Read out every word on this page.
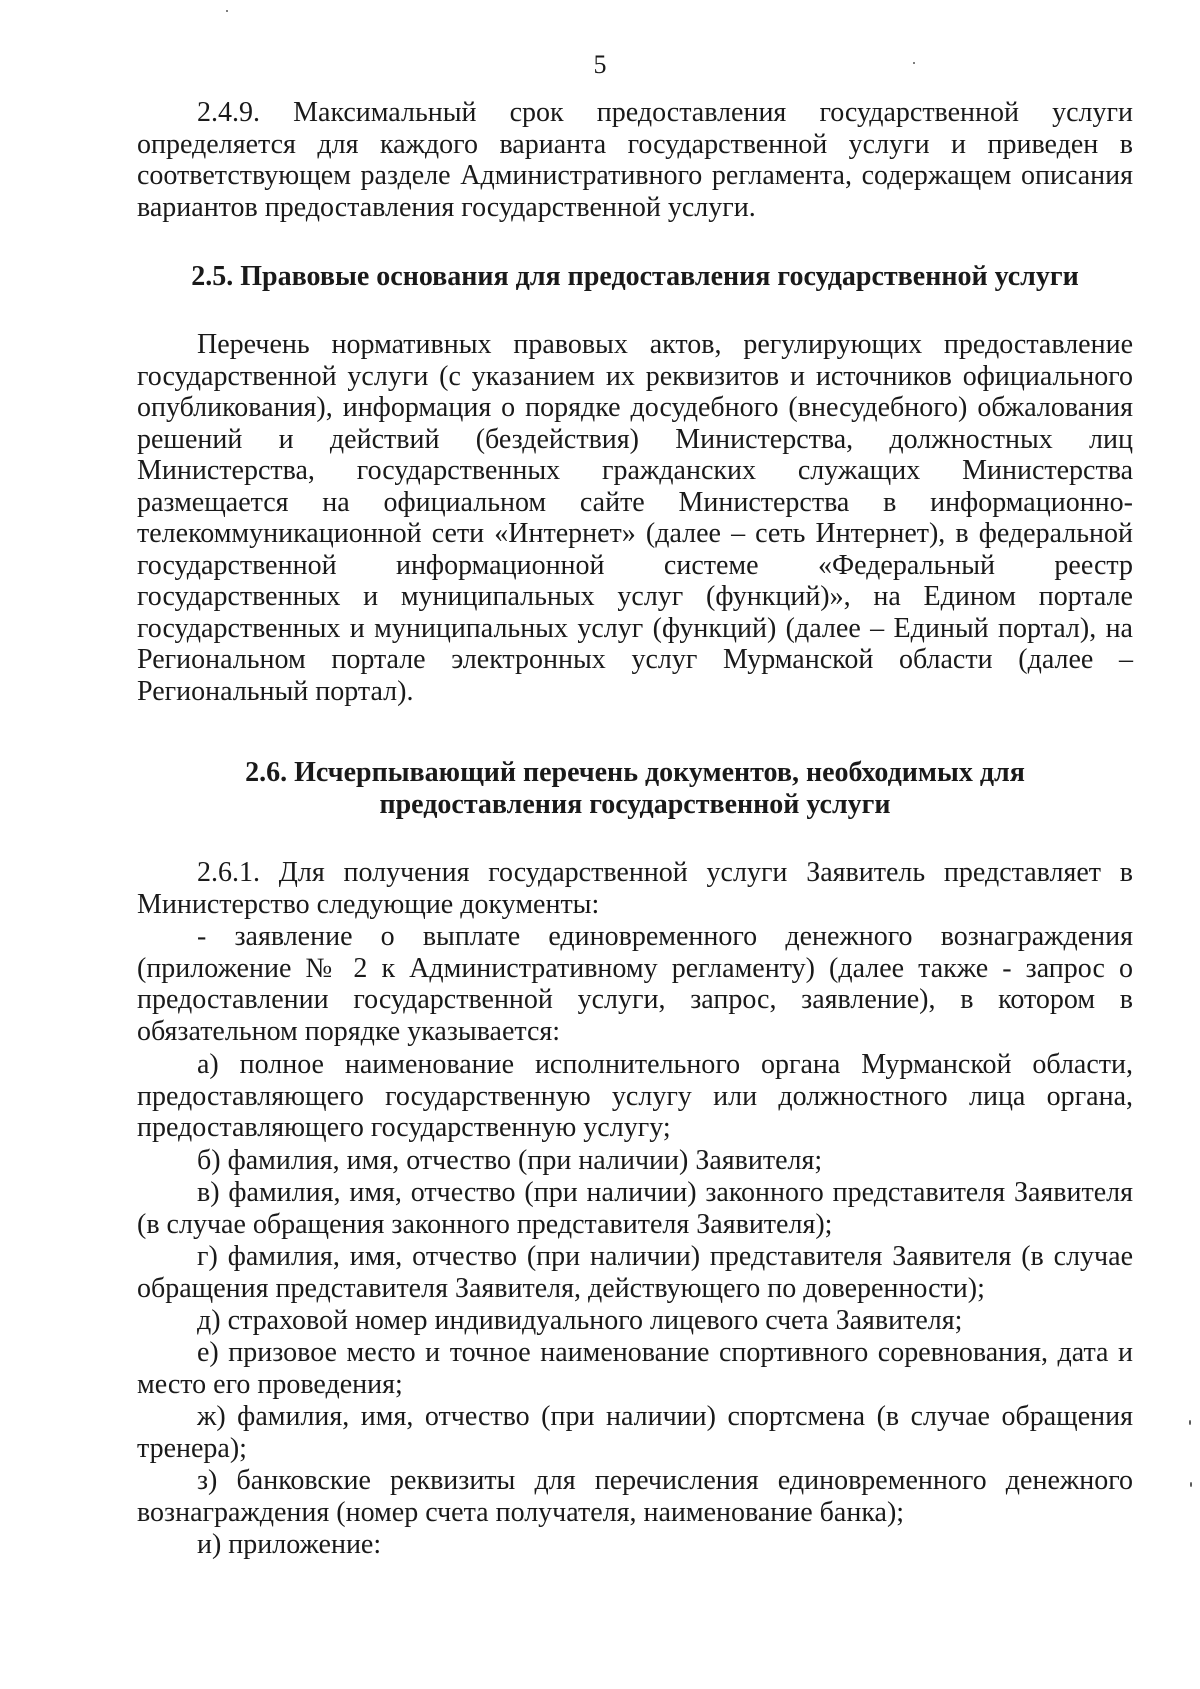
5

2.4.9. Максимальный срок предоставления государственной услуги определяется для каждого варианта государственной услуги и приведен в соответствующем разделе Административного регламента, содержащем описания вариантов предоставления государственной услуги.

2.5. Правовые основания для предоставления государственной услуги

Перечень нормативных правовых актов, регулирующих предоставление государственной услуги (с указанием их реквизитов и источников официального опубликования), информация о порядке досудебного (внесудебного) обжалования решений и действий (бездействия) Министерства, должностных лиц Министерства, государственных гражданских служащих Министерства размещается на официальном сайте Министерства в информационно-телекоммуникационной сети «Интернет» (далее – сеть Интернет), в федеральной государственной информационной системе «Федеральный реестр государственных и муниципальных услуг (функций)», на Едином портале государственных и муниципальных услуг (функций) (далее – Единый портал), на Региональном портале электронных услуг Мурманской области (далее – Региональный портал).

2.6. Исчерпывающий перечень документов, необходимых для
предоставления государственной услуги

2.6.1. Для получения государственной услуги Заявитель представляет в Министерство следующие документы:

- заявление о выплате единовременного денежного вознаграждения (приложение № 2 к Административному регламенту) (далее также - запрос о предоставлении государственной услуги, запрос, заявление), в котором в обязательном порядке указывается:

а) полное наименование исполнительного органа Мурманской области, предоставляющего государственную услугу или должностного лица органа, предоставляющего государственную услугу;

б) фамилия, имя, отчество (при наличии) Заявителя;

в) фамилия, имя, отчество (при наличии) законного представителя Заявителя (в случае обращения законного представителя Заявителя);

г) фамилия, имя, отчество (при наличии) представителя Заявителя (в случае обращения представителя Заявителя, действующего по доверенности);

д) страховой номер индивидуального лицевого счета Заявителя;

е) призовое место и точное наименование спортивного соревнования, дата и место его проведения;

ж) фамилия, имя, отчество (при наличии) спортсмена (в случае обращения тренера);

з) банковские реквизиты для перечисления единовременного денежного вознаграждения (номер счета получателя, наименование банка);

и) приложение:
